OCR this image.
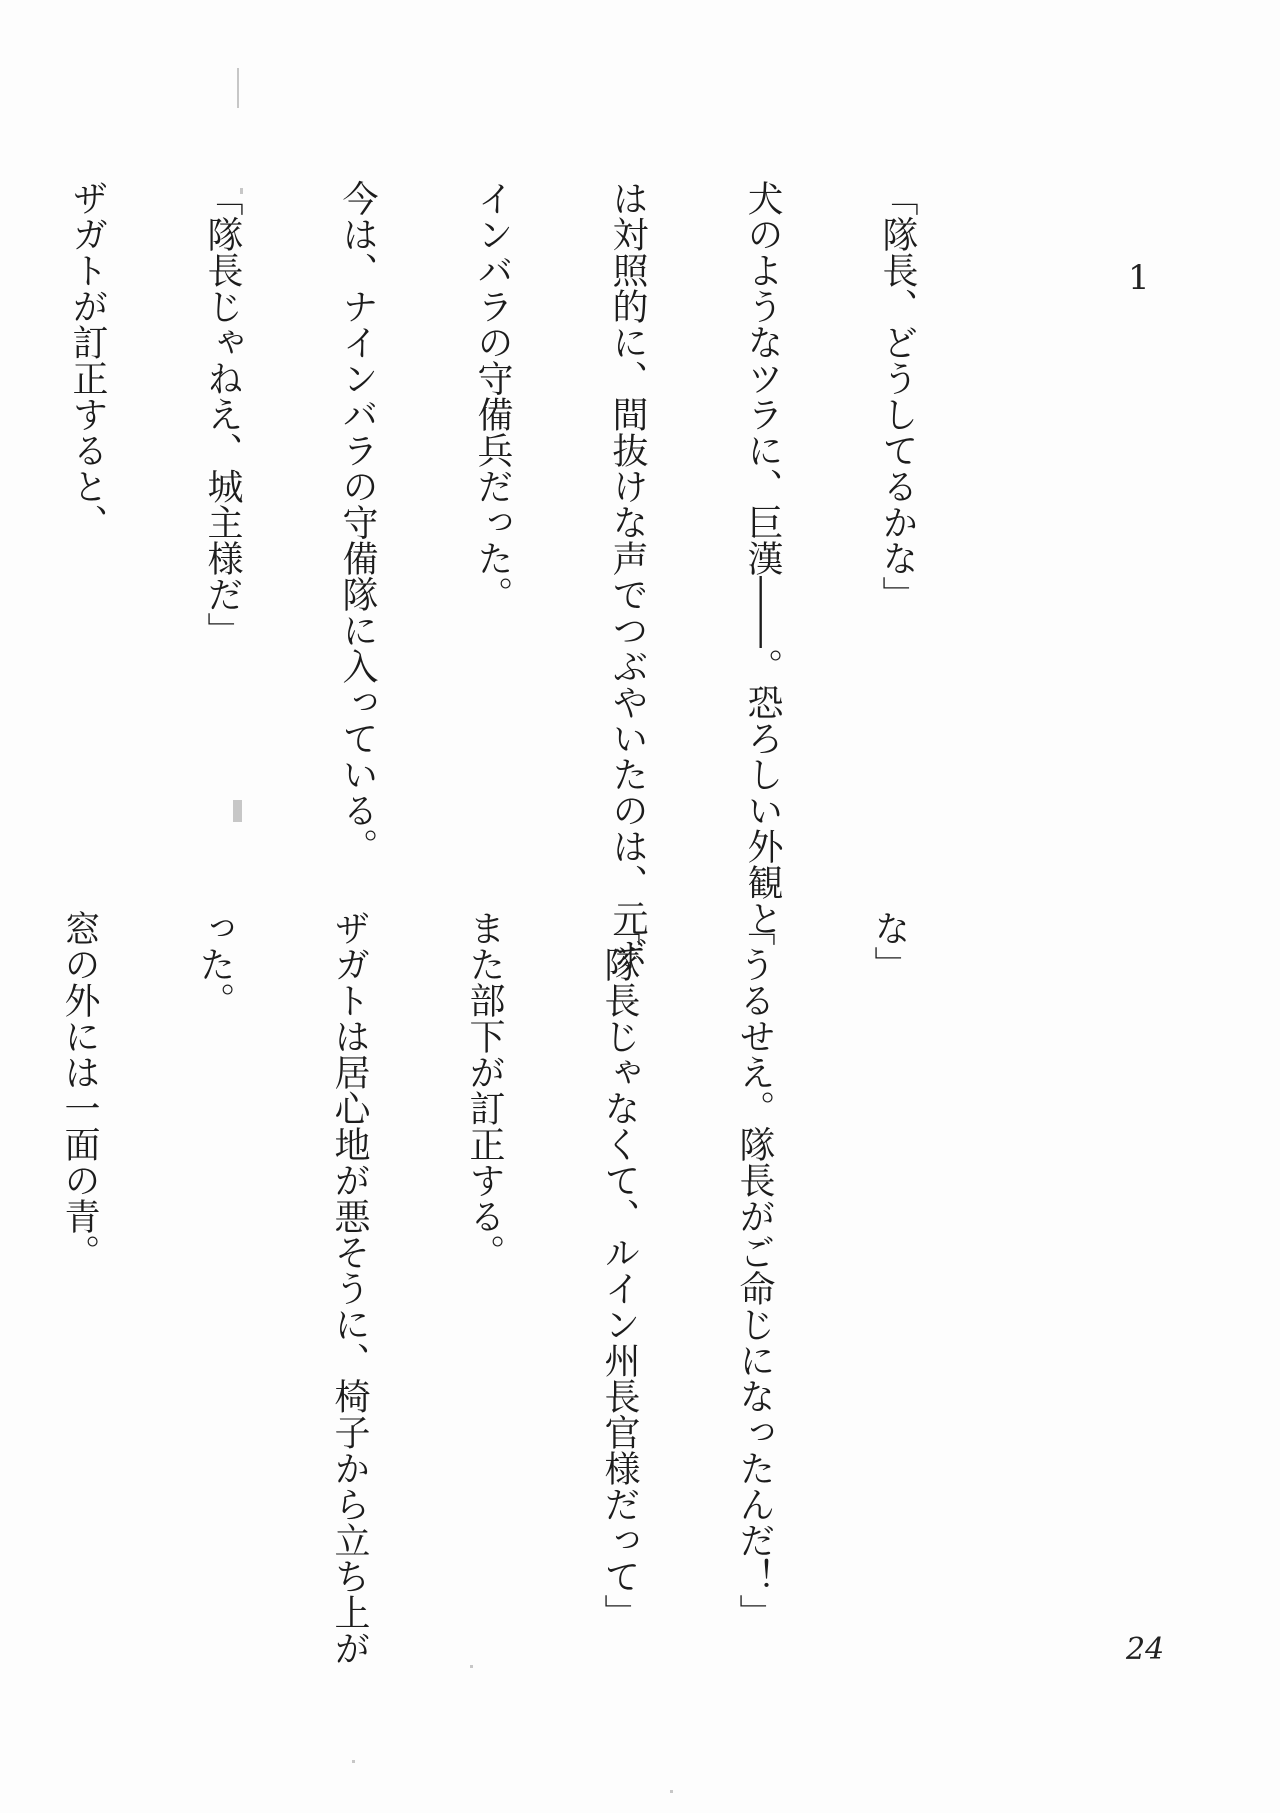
1

「隊長、どうしてるかな」

犬のようなツラに、巨漢――。恐ろしい外観と

は対照的に、間抜けな声でつぶやいたのは、元ボ

インバラの守備兵だった。

今は、ナインバラの守備隊に入っている。

「隊長じゃねえ、城主様だ」

ザガトが訂正すると、

な」

「うるせえ。隊長がご命じになったんだ！」

「隊長じゃなくて、ルイン州長官様だって」

また部下が訂正する。

ザガトは居心地が悪そうに、椅子から立ち上が

った。

窓の外には一面の青。

24
